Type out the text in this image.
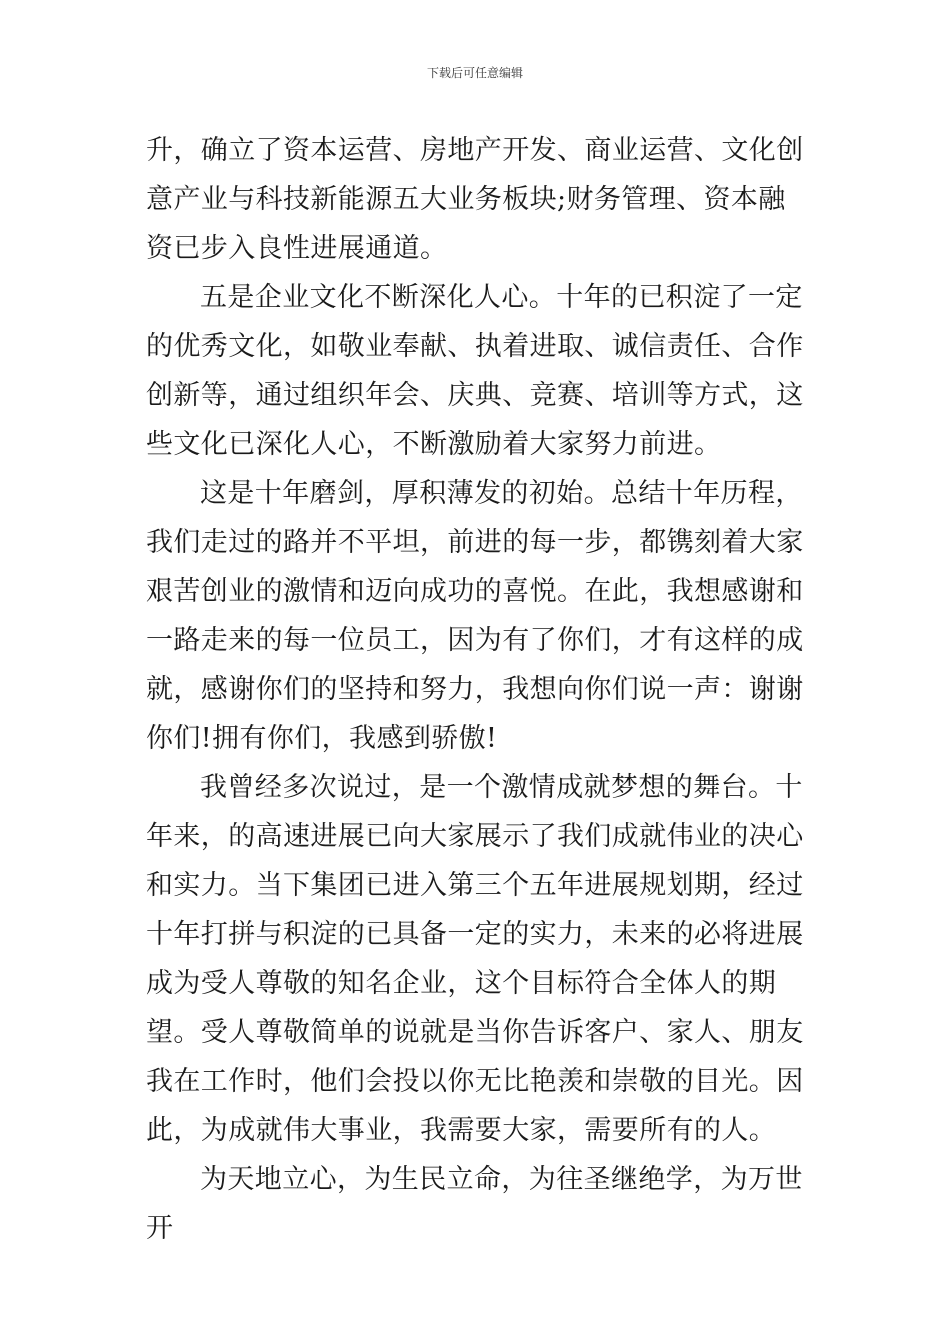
下载后可任意编辑

升，确立了资本运营、房地产开发、商业运营、文化创意产业与科技新能源五大业务板块;财务管理、资本融资已步入良性进展通道。

五是企业文化不断深化人心。十年的已积淀了一定的优秀文化，如敬业奉献、执着进取、诚信责任、合作创新等，通过组织年会、庆典、竞赛、培训等方式，这些文化已深化人心，不断激励着大家努力前进。

这是十年磨剑，厚积薄发的初始。总结十年历程，我们走过的路并不平坦，前进的每一步，都镌刻着大家艰苦创业的激情和迈向成功的喜悦。在此，我想感谢和一路走来的每一位员工，因为有了你们，才有这样的成就，感谢你们的坚持和努力，我想向你们说一声：谢谢你们!拥有你们，我感到骄傲!

我曾经多次说过，是一个激情成就梦想的舞台。十年来，的高速进展已向大家展示了我们成就伟业的决心和实力。当下集团已进入第三个五年进展规划期，经过十年打拼与积淀的已具备一定的实力，未来的必将进展成为受人尊敬的知名企业，这个目标符合全体人的期望。受人尊敬简单的说就是当你告诉客户、家人、朋友我在工作时，他们会投以你无比艳羡和崇敬的目光。因此，为成就伟大事业，我需要大家，需要所有的人。

为天地立心，为生民立命，为往圣继绝学，为万世开
